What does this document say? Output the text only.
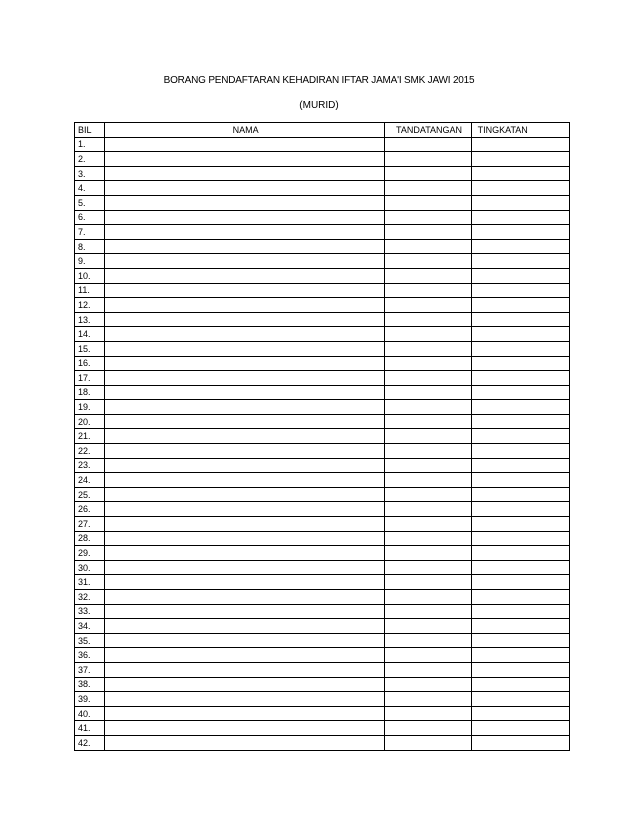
BORANG PENDAFTARAN KEHADIRAN IFTAR JAMA'I SMK JAWI 2015

(MURID)

BIL	NAMA	TANDATANGAN	TINGKATAN
1.			
2.			
3.			
4.			
5.			
6.			
7.			
8.			
9.			
10.			
11.			
12.			
13.			
14.			
15.			
16.			
17.			
18.			
19.			
20.			
21.			
22.			
23.			
24.			
25.			
26.			
27.			
28.			
29.			
30.			
31.			
32.			
33.			
34.			
35.			
36.			
37.			
38.			
39.			
40.			
41.			
42.			
